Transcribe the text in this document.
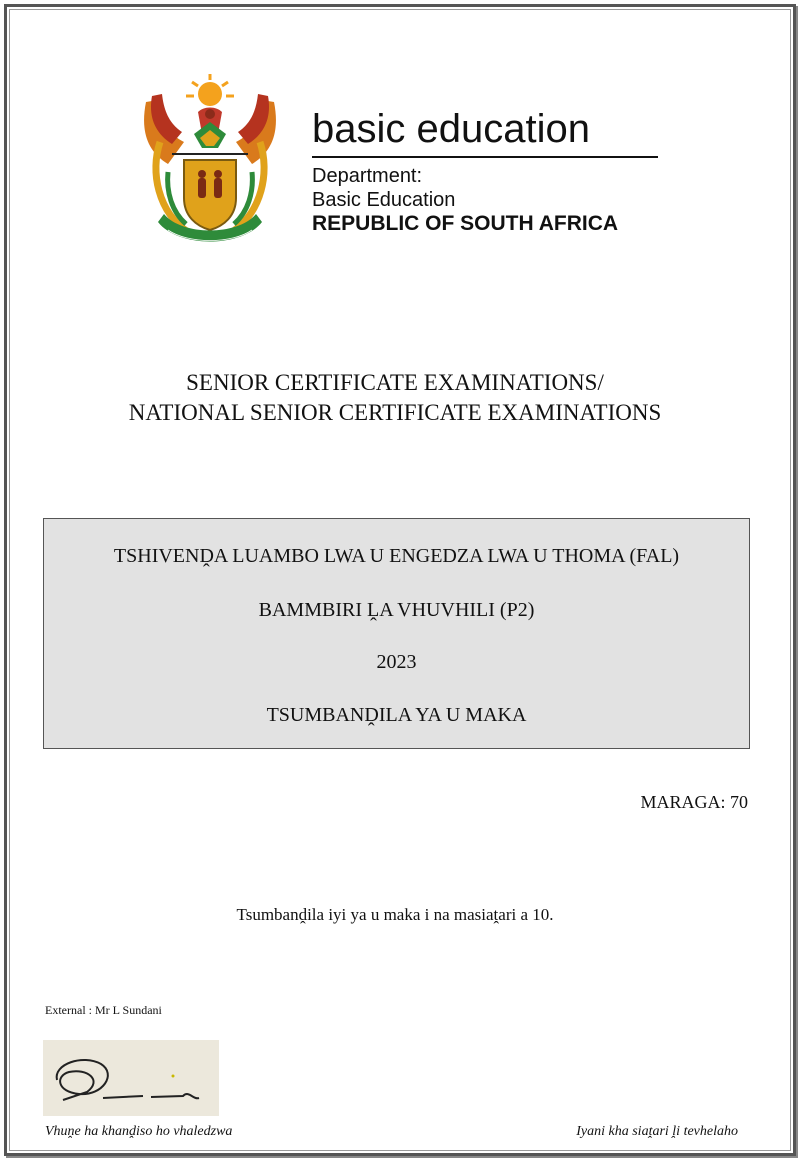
basic education
Department:
Basic Education
REPUBLIC OF SOUTH AFRICA
SENIOR CERTIFICATE EXAMINATIONS/
NATIONAL SENIOR CERTIFICATE EXAMINATIONS
TSHIVENḒA LUAMBO LWA U ENGEDZA LWA U THOMA (FAL)
BAMMBIRI ḼA VHUVHILI (P2)
2023
TSUMBANḒILA YA U MAKA
MARAGA: 70
Tsumbanḓila iyi ya u maka i na masiaṱari a 10.
External : Mr L Sundani
Vhuṋe ha khanḓiso ho vhaledzwa	Iyani kha siaṱari ḽi tevhelaho
